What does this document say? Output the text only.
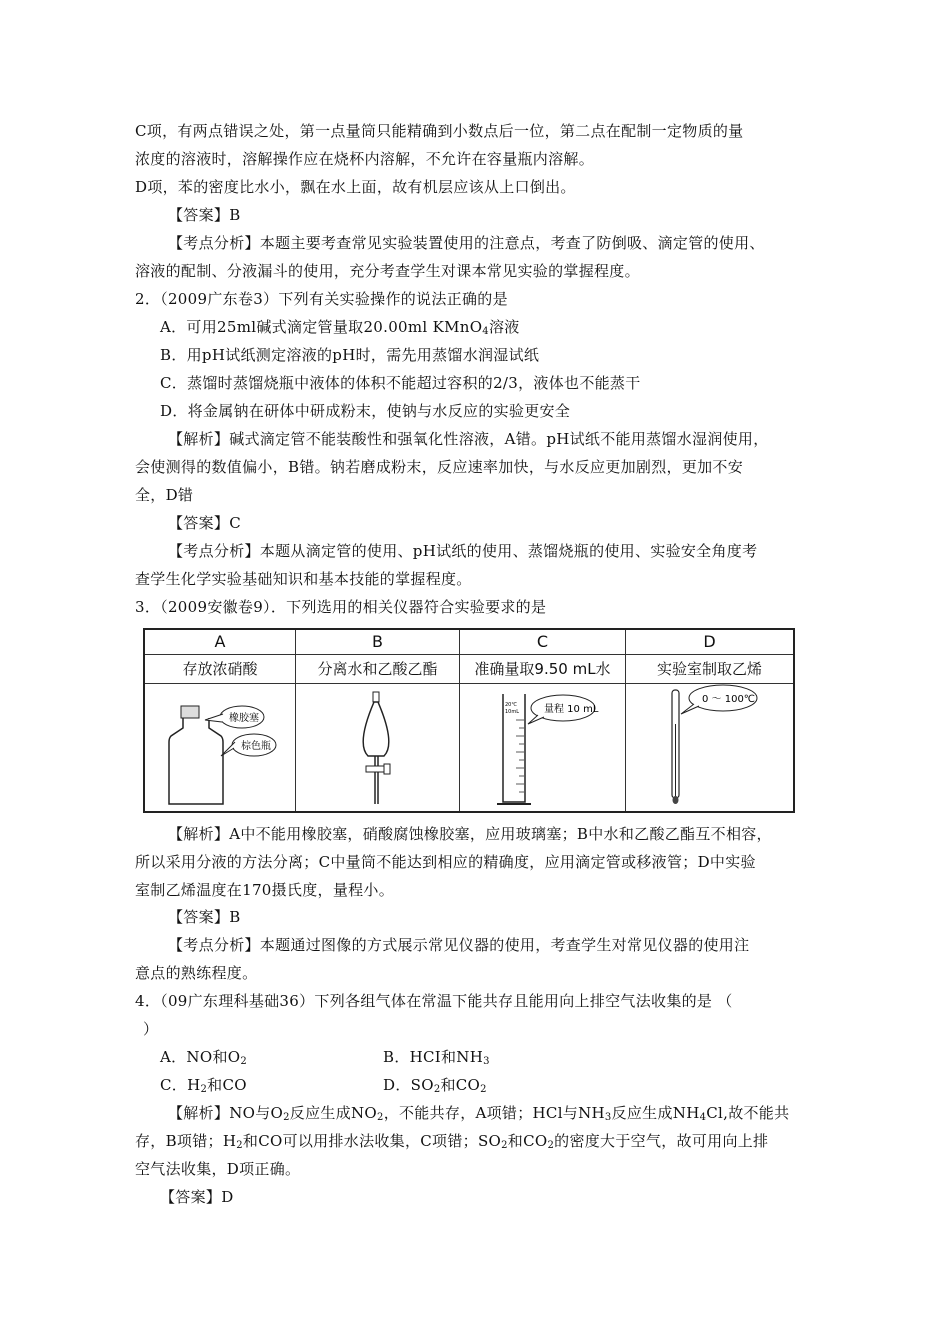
C项，有两点错误之处，第一点量筒只能精确到小数点后一位，第二点在配制一定物质的量
浓度的溶液时，溶解操作应在烧杯内溶解，不允许在容量瓶内溶解。
D项，苯的密度比水小，飘在水上面，故有机层应该从上口倒出。
【答案】B
【考点分析】本题主要考查常见实验装置使用的注意点，考查了防倒吸、滴定管的使用、
溶液的配制、分液漏斗的使用，充分考查学生对课本常见实验的掌握程度。
2．（2009广东卷3）下列有关实验操作的说法正确的是
A．可用25ml碱式滴定管量取20.00ml KMnO$_4$溶液
B．用pH试纸测定溶液的pH时，需先用蒸馏水润湿试纸
C．蒸馏时蒸馏烧瓶中液体的体积不能超过容积的2/3，液体也不能蒸干
D．将金属钠在研体中研成粉末，使钠与水反应的实验更安全
【解析】碱式滴定管不能装酸性和强氧化性溶液，A错。pH试纸不能用蒸馏水湿润使用，
会使测得的数值偏小，B错。钠若磨成粉末，反应速率加快，与水反应更加剧烈，更加不安
全，D错
【答案】C
【考点分析】本题从滴定管的使用、pH试纸的使用、蒸馏烧瓶的使用、实验安全角度考
查学生化学实验基础知识和基本技能的掌握程度。
3．（2009安徽卷9）．下列选用的相关仪器符合实验要求的是
A
存放浓硝酸
橡胶塞
棕色瓶
B
分离水和乙酸乙酯
C
准确量取9.50 mL水
20℃
10mL 量程 10 mL
D
实验室制取乙烯
0 ～ 100℃
【解析】A中不能用橡胶塞，硝酸腐蚀橡胶塞，应用玻璃塞；B中水和乙酸乙酯互不相容，
所以采用分液的方法分离；C中量筒不能达到相应的精确度，应用滴定管或移液管；D中实验
室制乙烯温度在170摄氏度，量程小。
【答案】B
【考点分析】本题通过图像的方式展示常见仪器的使用，考查学生对常见仪器的使用注
意点的熟练程度。
4．（09广东理科基础36）下列各组气体在常温下能共存且能用向上排空气法收集的是 （
）
A．NO和$O_2$	B．HCI和$NH_3$
C．$H_2$和CO	D．$SO_2$和$CO_2$
【解析】NO与$O_2$反应生成$NO_2$，不能共存，A项错；HCl与$NH_3$反应生成$NH_4Cl$,故不能共
存，B项错；$H_2$和CO可以用排水法收集，C项错；$SO_2$和$CO_2$的密度大于空气，故可用向上排
空气法收集，D项正确。
【答案】D
